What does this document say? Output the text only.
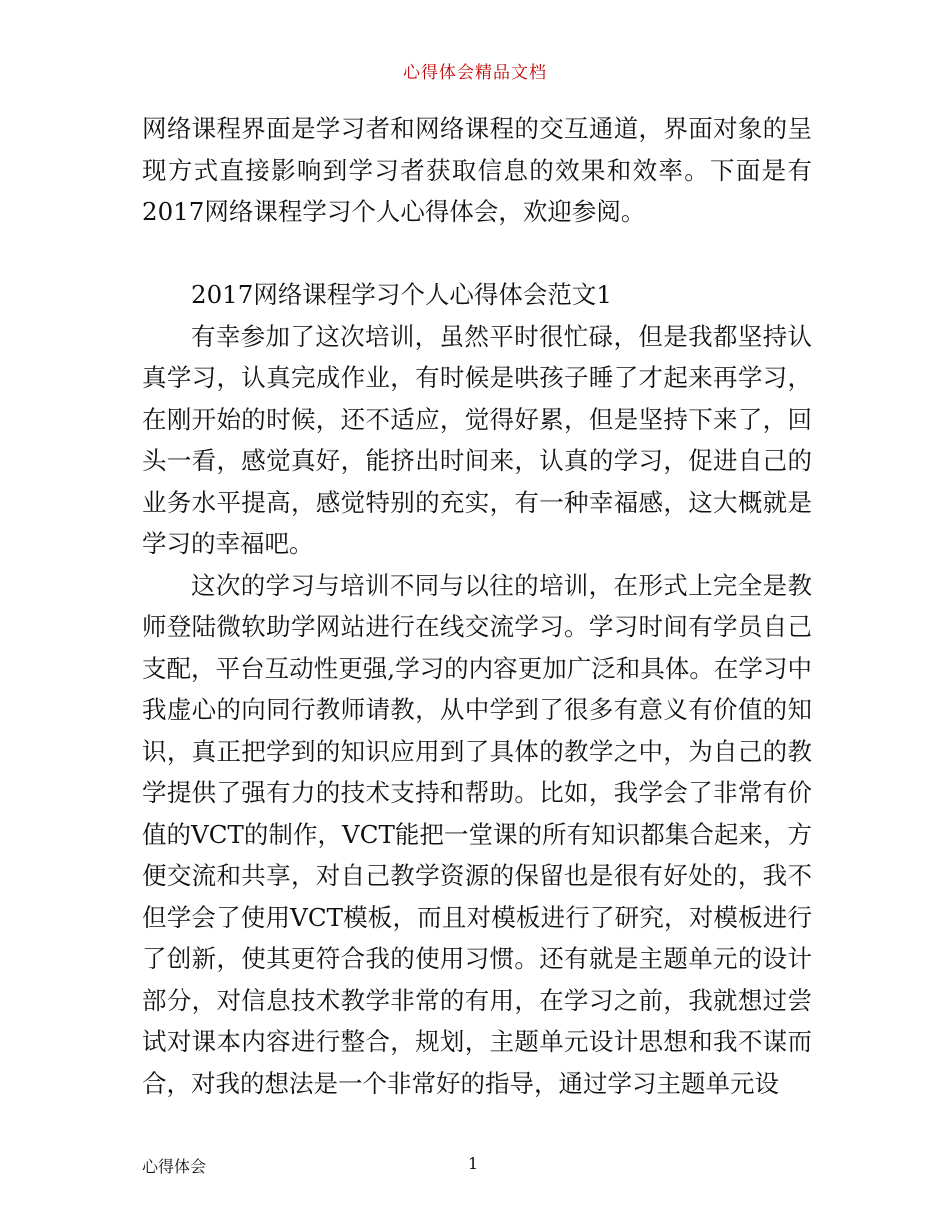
心得体会精品文档

网络课程界面是学习者和网络课程的交互通道，界面对象的呈现方式直接影响到学习者获取信息的效果和效率。下面是有2017网络课程学习个人心得体会，欢迎参阅。

2017网络课程学习个人心得体会范文1

有幸参加了这次培训，虽然平时很忙碌，但是我都坚持认真学习，认真完成作业，有时候是哄孩子睡了才起来再学习，在刚开始的时候，还不适应，觉得好累，但是坚持下来了，回头一看，感觉真好，能挤出时间来，认真的学习，促进自己的业务水平提高，感觉特别的充实，有一种幸福感，这大概就是学习的幸福吧。

这次的学习与培训不同与以往的培训，在形式上完全是教师登陆微软助学网站进行在线交流学习。学习时间有学员自己支配，平台互动性更强,学习的内容更加广泛和具体。在学习中我虚心的向同行教师请教，从中学到了很多有意义有价值的知识，真正把学到的知识应用到了具体的教学之中，为自己的教学提供了强有力的技术支持和帮助。比如，我学会了非常有价值的VCT的制作，VCT能把一堂课的所有知识都集合起来，方便交流和共享，对自己教学资源的保留也是很有好处的，我不但学会了使用VCT模板，而且对模板进行了研究，对模板进行了创新，使其更符合我的使用习惯。还有就是主题单元的设计部分，对信息技术教学非常的有用，在学习之前，我就想过尝试对课本内容进行整合，规划，主题单元设计思想和我不谋而合，对我的想法是一个非常好的指导，通过学习主题单元设

心得体会	1
